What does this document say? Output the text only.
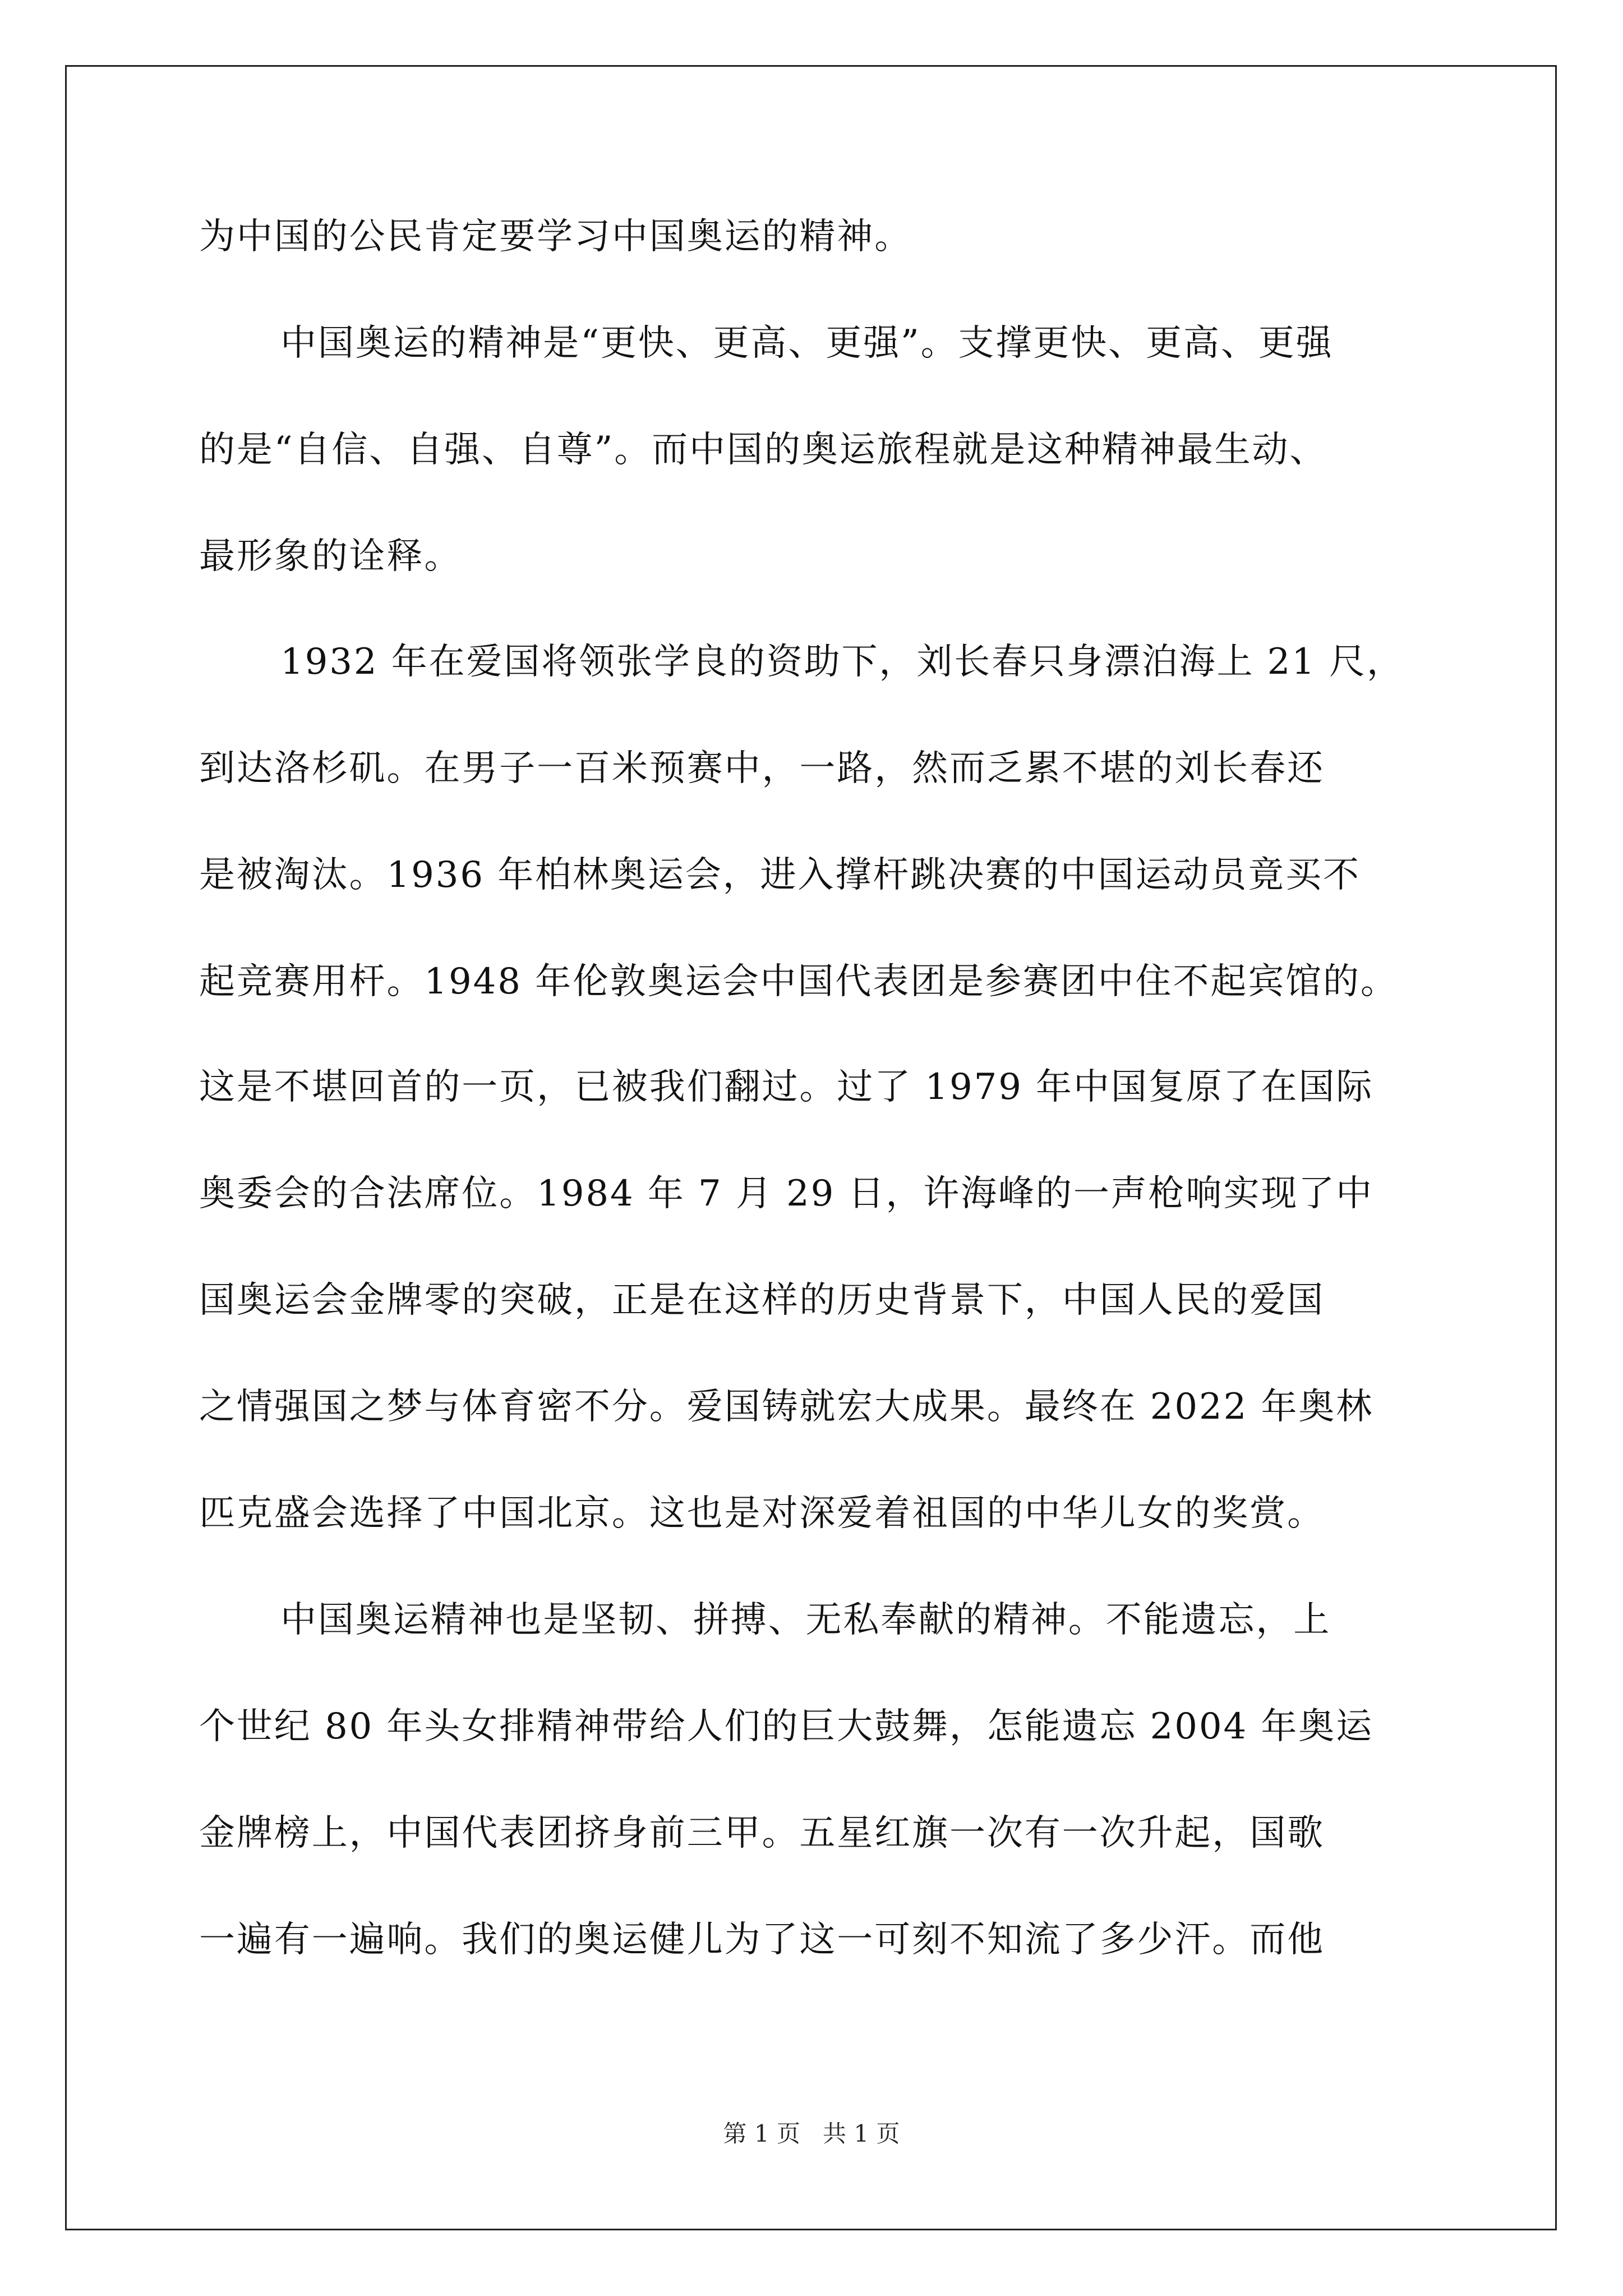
为中国的公民肯定要学习中国奥运的精神。
中国奥运的精神是“更快、更高、更强”。支撑更快、更高、更强
的是“自信、自强、自尊”。而中国的奥运旅程就是这种精神最生动、
最形象的诠释。
1932 年在爱国将领张学良的资助下，刘长春只身漂泊海上 21 尺，
到达洛杉矶。在男子一百米预赛中，一路，然而乏累不堪的刘长春还
是被淘汰。1936 年柏林奥运会，进入撑杆跳决赛的中国运动员竟买不
起竞赛用杆。1948 年伦敦奥运会中国代表团是参赛团中住不起宾馆的。
这是不堪回首的一页，已被我们翻过。过了 1979 年中国复原了在国际
奥委会的合法席位。1984 年 7 月 29 日，许海峰的一声枪响实现了中
国奥运会金牌零的突破，正是在这样的历史背景下，中国人民的爱国
之情强国之梦与体育密不分。爱国铸就宏大成果。最终在 2022 年奥林
匹克盛会选择了中国北京。这也是对深爱着祖国的中华儿女的奖赏。
中国奥运精神也是坚韧、拼搏、无私奉献的精神。不能遗忘，上
个世纪 80 年头女排精神带给人们的巨大鼓舞，怎能遗忘 2004 年奥运
金牌榜上，中国代表团挤身前三甲。五星红旗一次有一次升起，国歌
一遍有一遍响。我们的奥运健儿为了这一可刻不知流了多少汗。而他
第 1 页   共 1 页
